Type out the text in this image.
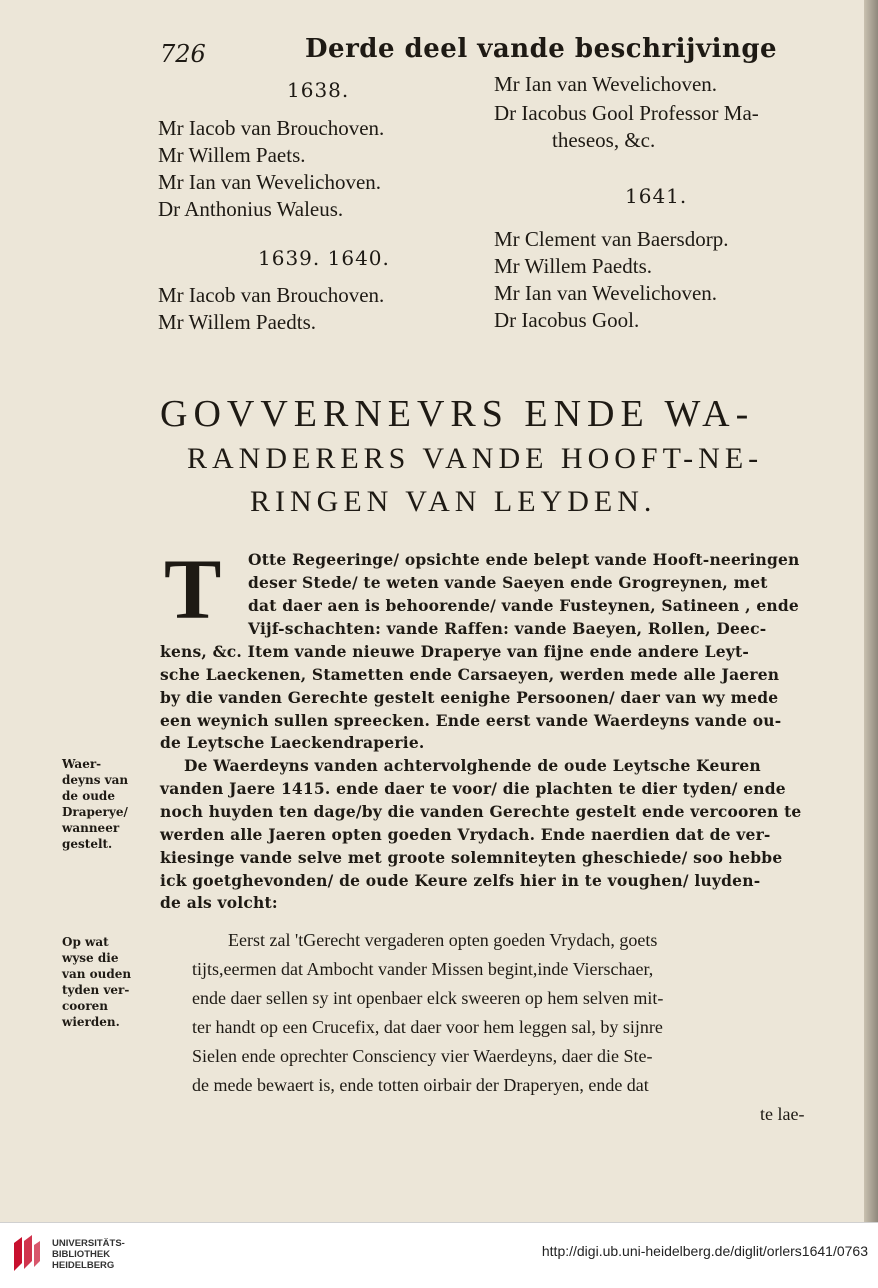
726	Derde deel vande beschrijvinge
1638.
Mr Iacob van Brouchoven.
Mr Willem Paets.
Mr Ian van Wevelichoven.
Dr Anthonius Waleus.
1639. 1640.
Mr Iacob van Brouchoven.
Mr Willem Paedts.
Mr Ian van Wevelichoven.
Dr Iacobus Gool Professor Ma-
theseos, &c.
1641.
Mr Clement van Baersdorp.
Mr Willem Paedts.
Mr Ian van Wevelichoven.
Dr Iacobus Gool.
GOVVERNEVRS ENDE WA-
RANDERERS VANDE HOOFT-NE-
RINGEN VAN LEYDEN.
T Otte Regeeringe/ opsichte ende belept vande Hooft-neeringen
deser Stede/ te weten vande Saeyen ende Grogreynen, met
dat daer aen is behoorende/ vande Fusteynen, Satineen , ende
Vijf-schachten: vande Raffen: vande Baeyen, Rollen, Deec-
kens, &c. Item vande nieuwe Draperye van fijne ende andere Leyt-
sche Laeckenen, Stametten ende Carsaeyen, werden mede alle Jaeren
by die vanden Gerechte gestelt eenighe Persoonen/ daer van wy mede
een weynich sullen spreecken. Ende eerst vande Waerdeyns vande ou-
de Leytsche Laeckendraperie.
Waer-
deyns van
de oude
Draperye/
wanneer
gestelt.
De Waerdeyns vanden achtervolghende de oude Leytsche Keuren
vanden Jaere 1415. ende daer te voor/ die plachten te dier tyden/ ende
noch huyden ten dage/by die vanden Gerechte gestelt ende vercooren te
werden alle Jaeren opten goeden Vrydach. Ende naerdien dat de ver-
kiesinge vande selve met groote solemniteyten gheschiede/ soo hebbe
ick goetghevonden/ de oude Keure zelfs hier in te voughen/ luyden-
de als volcht:
Op wat
wyse die
van ouden
tyden ver-
cooren
wierden.
Eerst zal 'tGerecht vergaderen opten goeden Vrydach, goets
tijts,eermen dat Ambocht vander Missen begint,inde Vierschaer,
ende daer sellen sy int openbaer elck sweeren op hem selven mit-
ter handt op een Crucefix, dat daer voor hem leggen sal, by sijnre
Sielen ende oprechter Consciency vier Waerdeyns, daer die Ste-
de mede bewaert is, ende totten oirbair der Draperyen, ende dat
te lae-
UNIVERSITÄTS-
BIBLIOTHEK
HEIDELBERG
http://digi.ub.uni-heidelberg.de/diglit/orlers1641/0763
